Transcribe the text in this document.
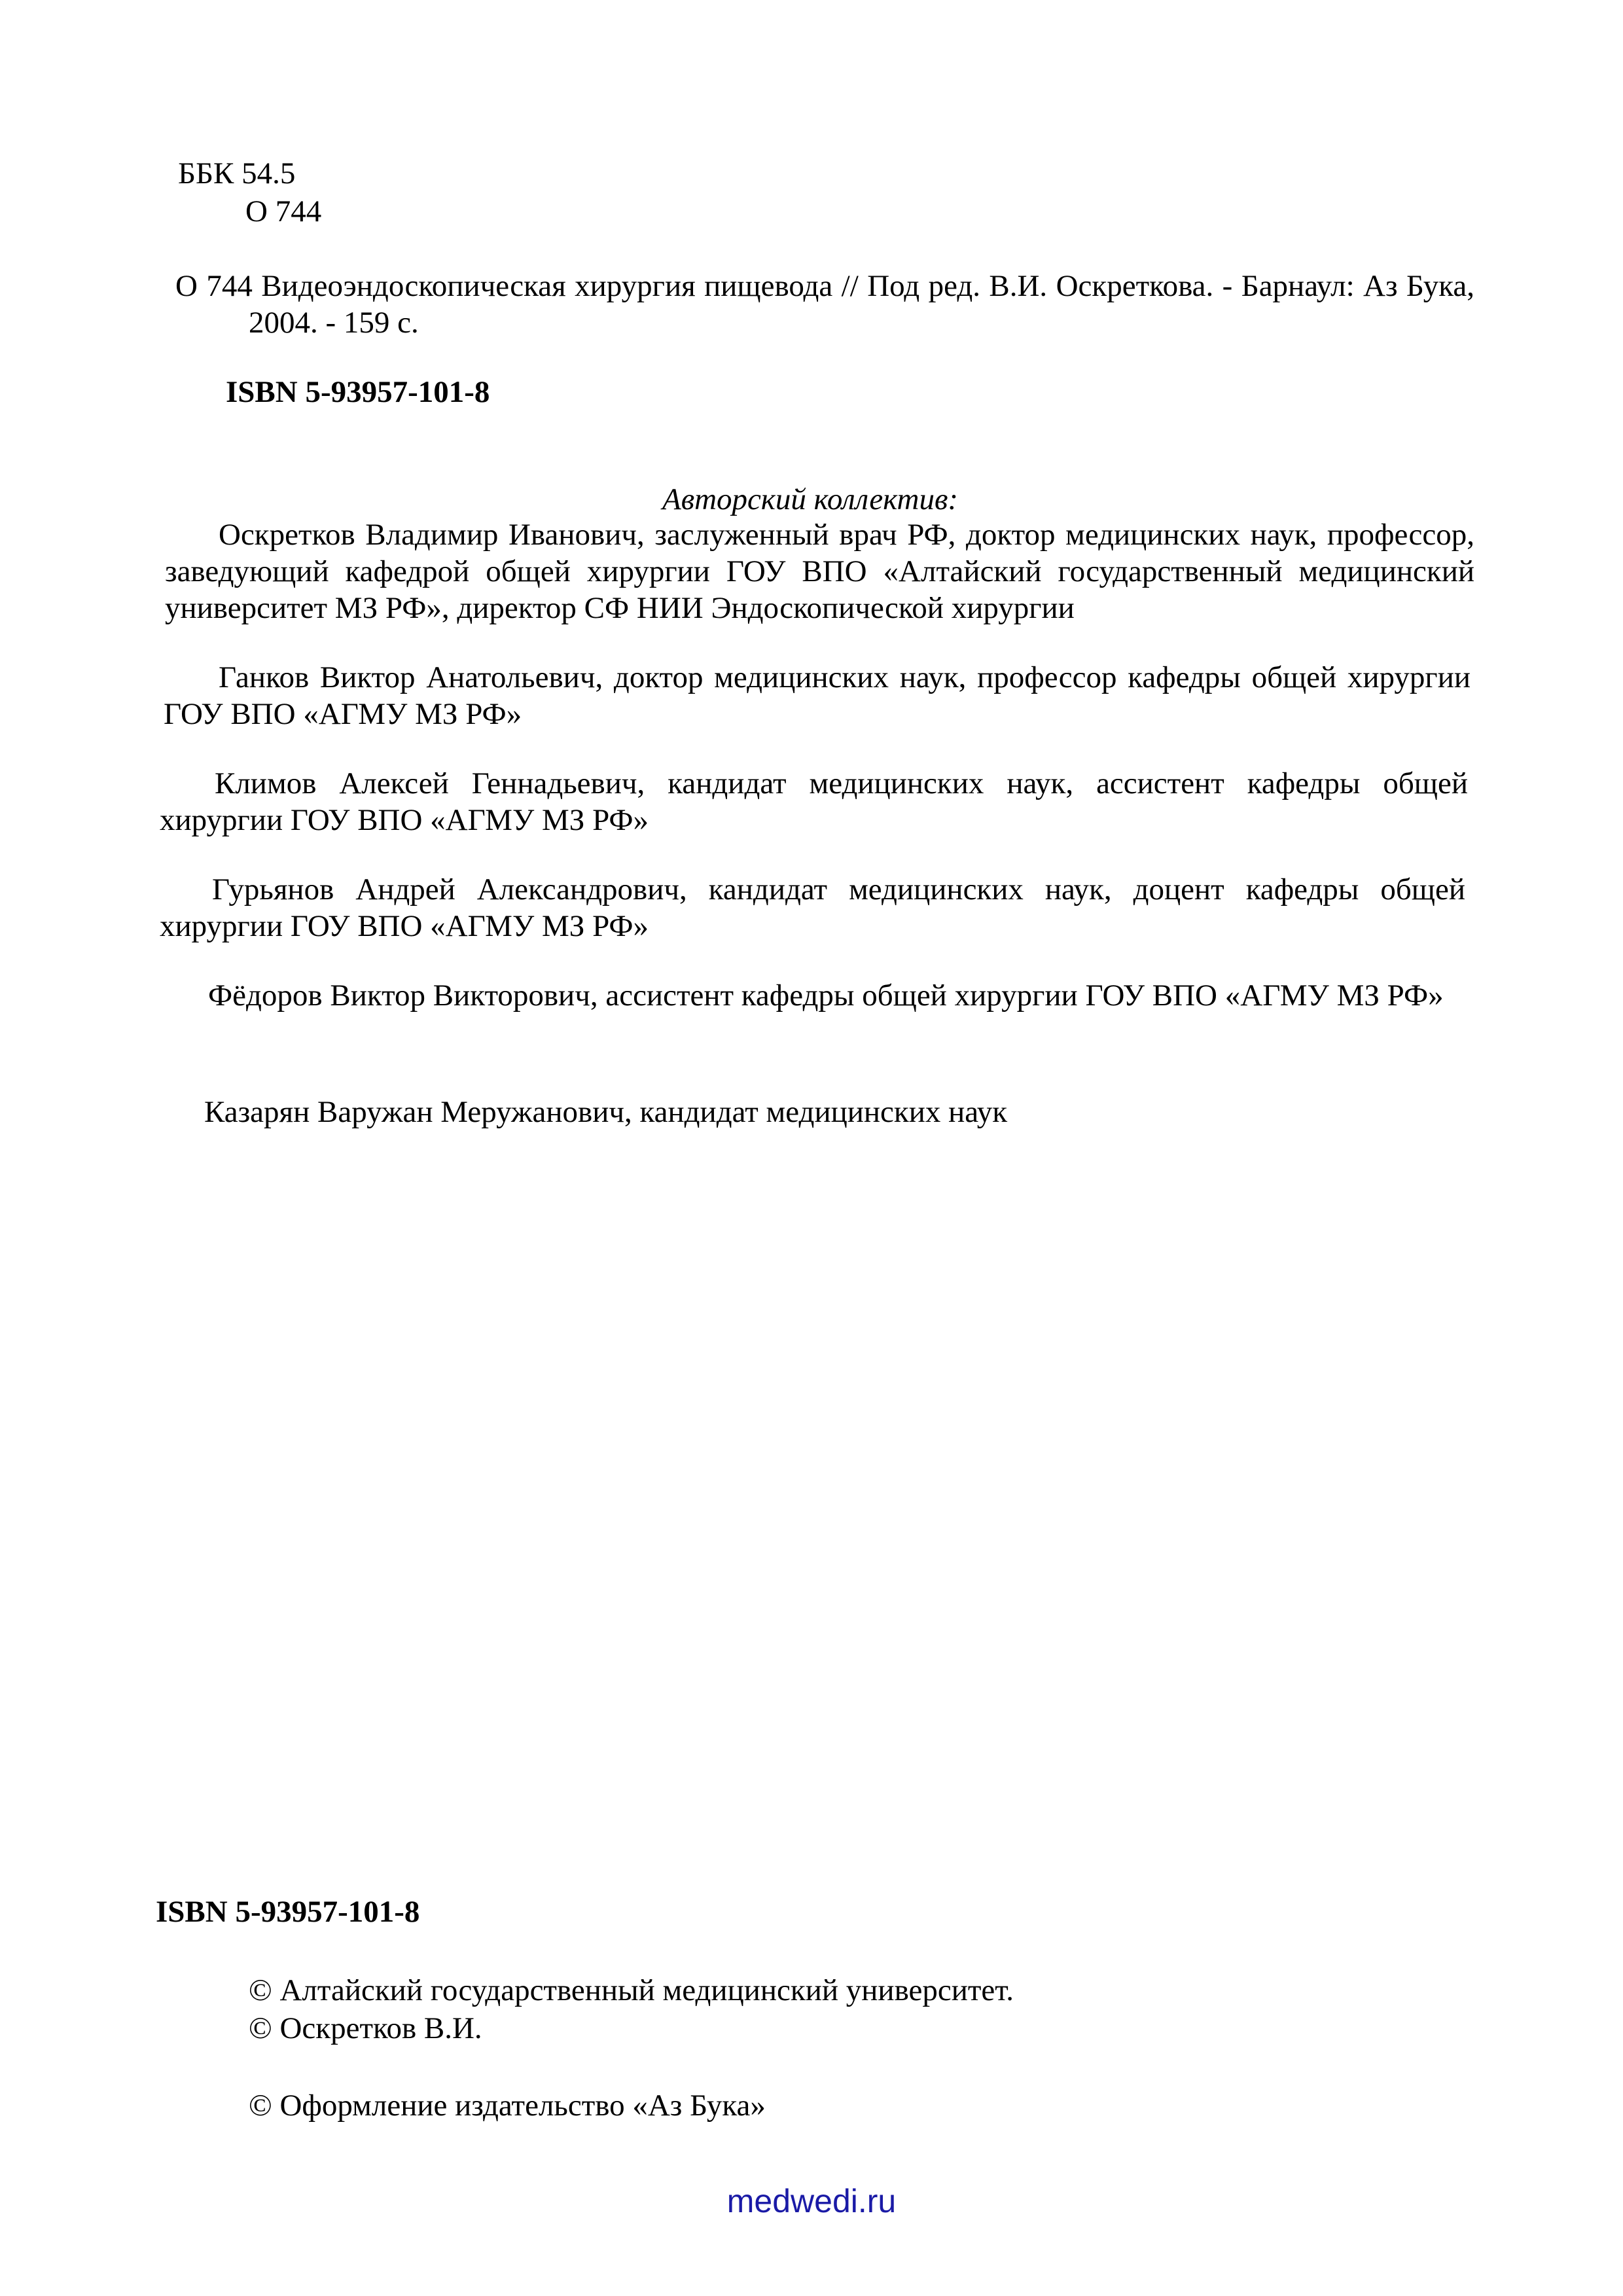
ББК 54.5

О 744

О 744 Видеоэндоскопическая хирургия пищевода // Под ред. В.И. Оскреткова. - Барнаул: Аз Бука, 2004. - 159 с.

ISBN 5-93957-101-8

Авторский коллектив:

Оскретков Владимир Иванович, заслуженный врач РФ, доктор медицинских наук, профессор, заведующий кафедрой общей хирургии ГОУ ВПО «Алтайский государственный медицинский университет МЗ РФ», директор СФ НИИ Эндоскопической хирургии

Ганков Виктор Анатольевич, доктор медицинских наук, профессор кафедры общей хирургии ГОУ ВПО «АГМУ МЗ РФ»

Климов Алексей Геннадьевич, кандидат медицинских наук, ассистент кафедры общей хирургии ГОУ ВПО «АГМУ МЗ РФ»

Гурьянов Андрей Александрович, кандидат медицинских наук, доцент кафедры общей хирургии ГОУ ВПО «АГМУ МЗ РФ»

Фёдоров Виктор Викторович, ассистент кафедры общей хирургии ГОУ ВПО «АГМУ МЗ РФ»

Казарян Варужан Меружанович, кандидат медицинских наук

ISBN 5-93957-101-8

© Алтайский государственный медицинский университет.

© Оскретков В.И.

© Оформление издательство «Аз Бука»

medwedi.ru
